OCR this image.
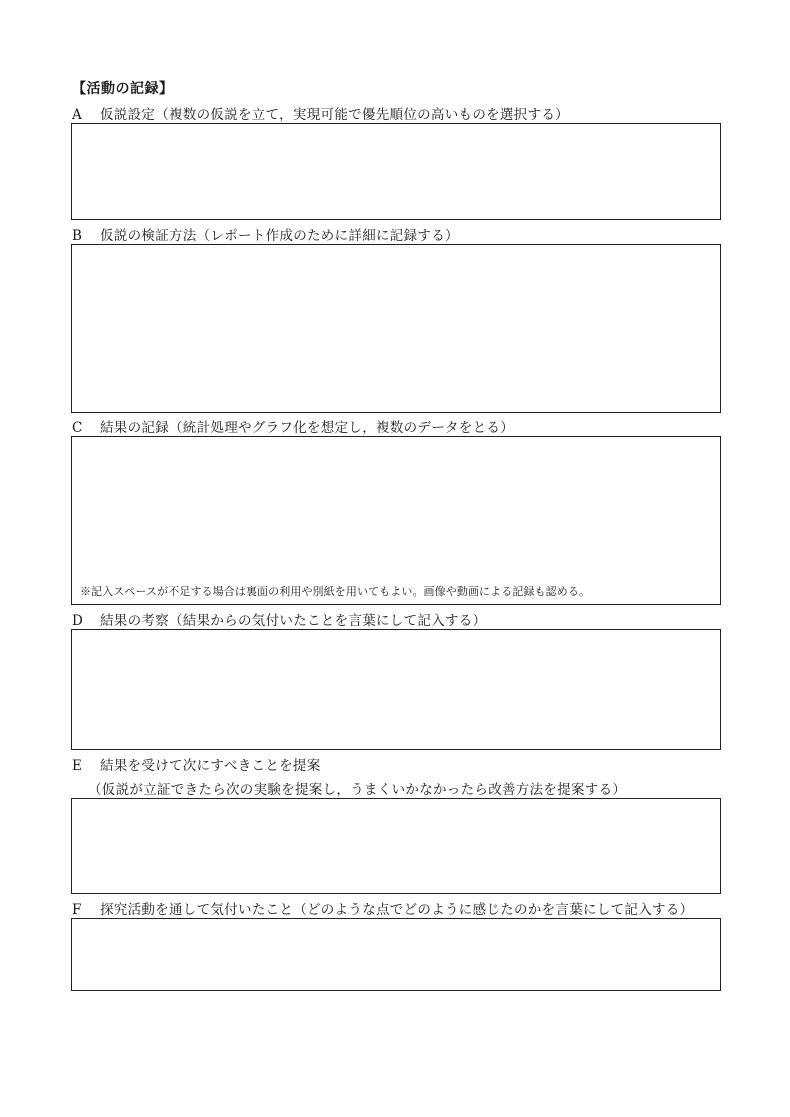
【活動の記録】
A 仮説設定（複数の仮説を立て，実現可能で優先順位の高いものを選択する）
B 仮説の検証方法（レポート作成のために詳細に記録する）
C 結果の記録（統計処理やグラフ化を想定し，複数のデータをとる）
※記入スペースが不足する場合は裏面の利用や別紙を用いてもよい。画像や動画による記録も認める。
D 結果の考察（結果からの気付いたことを言葉にして記入する）
E 結果を受けて次にすべきことを提案
（仮説が立証できたら次の実験を提案し，うまくいかなかったら改善方法を提案する）
F 探究活動を通して気付いたこと（どのような点でどのように感じたのかを言葉にして記入する）
